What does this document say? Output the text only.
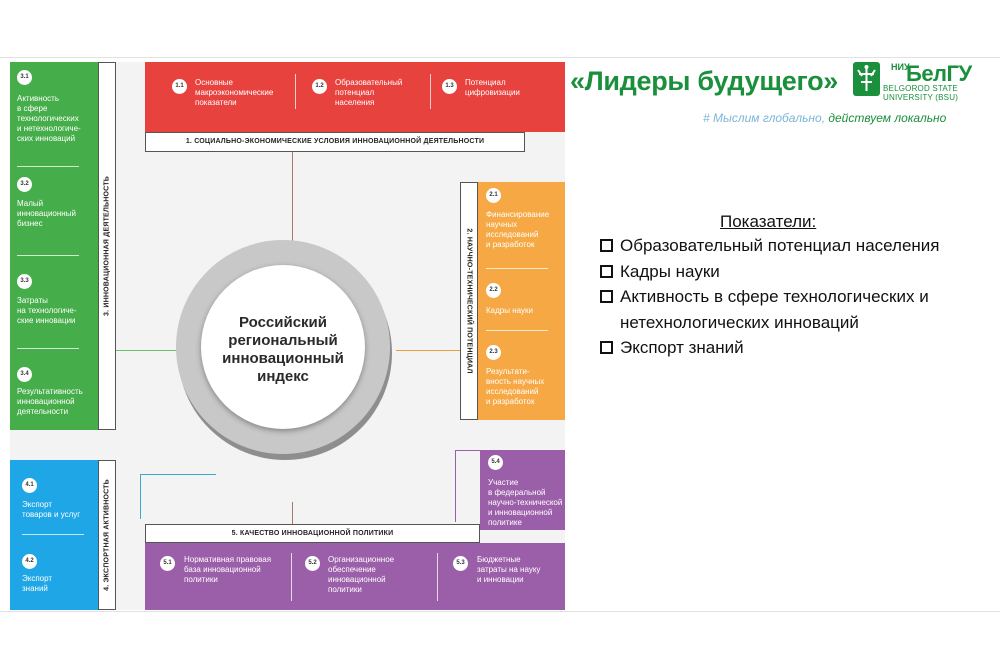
1.1	Основные
макроэкономические
показатели
1.2	Образовательный
потенциал
населения
1.3	Потенциал
цифровизации
1. СОЦИАЛЬНО-ЭКОНОМИЧЕСКИЕ УСЛОВИЯ ИННОВАЦИОННОЙ ДЕЯТЕЛЬНОСТИ
3.1
Активность
в сфере
технологических
и нетехнологиче-
ских инноваций
3.2
Малый
инновационный
бизнес
3.3
Затраты
на технологиче-
ские инновации
3.4
Результативность
инновационной
деятельности
3. ИННОВАЦИОННАЯ ДЕЯТЕЛЬНОСТЬ	2. НАУЧНО-ТЕХНИЧЕСКИЙ ПОТЕНЦИАЛ
2.1
Финансирование
научных
исследований
и разработок
2.2
Кадры науки
2.3
Результати-
вность научных
исследований
и разработок
4.1
Экспорт
товаров и услуг
4.2
Экспорт
знаний	4. ЭКСПОРТНАЯ АКТИВНОСТЬ
5.4
Участие
в федеральной
научно-технической
и инновационной
политике
5. КАЧЕСТВО ИННОВАЦИОННОЙ ПОЛИТИКИ
5.1	Нормативная правовая
база инновационной
политики
5.2	Организационное
обеспечение
инновационной
политики
5.3	Бюджетные
затраты на науку
и инновации
Российский
региональный
инновационный
индекс
«Лидеры будущего»	НИУ
БелГУ
BELGOROD STATE
UNIVERSITY (BSU)
# Мыслим глобально, действуем локально
Показатели:
Образовательный потенциал населения
Кадры науки
Активность в сфере технологических и нетехнологических инноваций
Экспорт знаний
